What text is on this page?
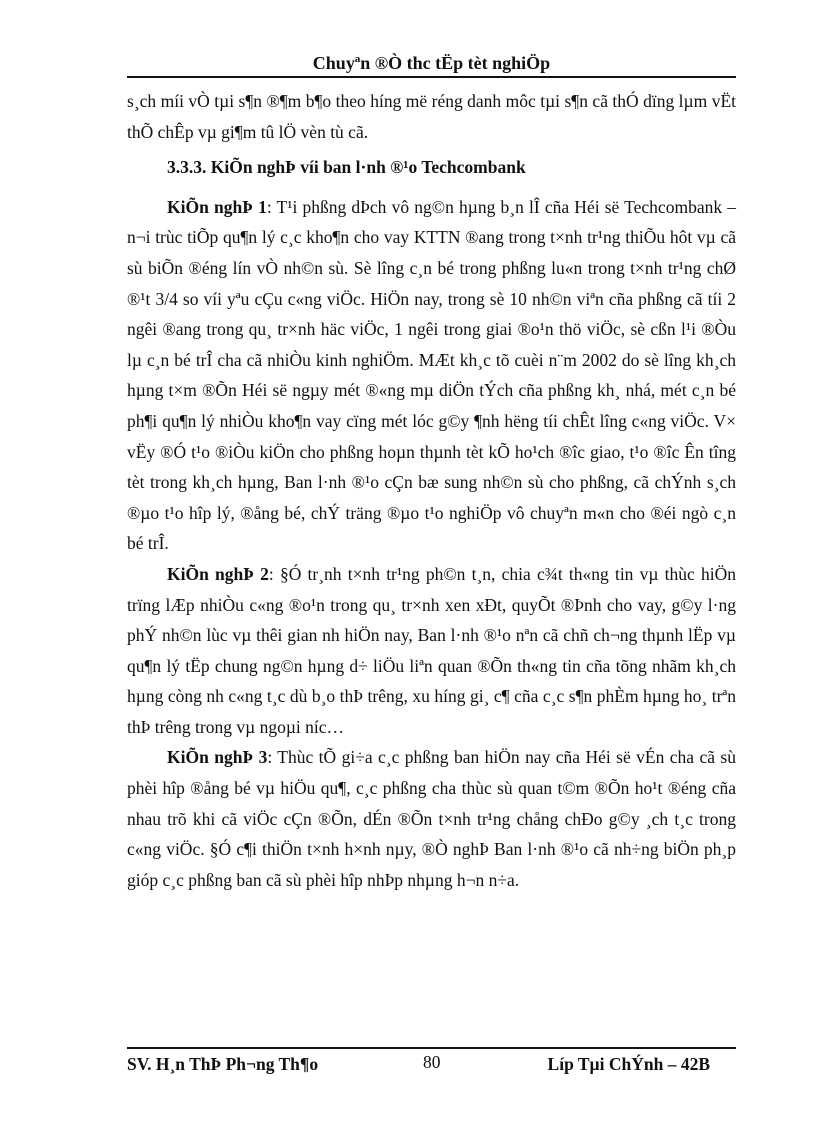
Chuyªn ®Ò thc tËp tèt nghiÖp

s¸ch míi vÒ tµi s¶n ®¶m b¶o theo híng më réng danh môc tµi s¶n cã thÓ dïng lµm vËt thÕ chÊp vµ gi¶m tû lÖ vèn tù cã.

3.3.3. KiÕn nghÞ víi ban l·nh ®¹o Techcombank

KiÕn nghÞ 1: T¹i phßng dÞch vô ng©n hµng b¸n lÎ cña Héi së Techcombank – n¬i trùc tiÕp qu¶n lý c¸c kho¶n cho vay KTTN ®ang trong t×nh tr¹ng thiÕu hôt vµ cã sù biÕn ®éng lín vÒ nh©n sù. Sè lîng c¸n bé trong phßng lu«n trong t×nh tr¹ng chØ ®¹t 3/4 so víi yªu cÇu c«ng viÖc. HiÖn nay, trong sè 10 nh©n viªn cña phßng cã tíi 2 ngêi ®ang trong qu¸ tr×nh häc viÖc, 1 ngêi trong giai ®o¹n thö viÖc, sè cßn l¹i ®Òu lµ c¸n bé trÎ cha cã nhiÒu kinh nghiÖm. MÆt kh¸c tõ cuèi n¨m 2002 do sè lîng kh¸ch hµng t×m ®Õn Héi së ngµy mét ®«ng mµ diÖn tÝch cña phßng kh¸ nhá, mét c¸n bé ph¶i qu¶n lý nhiÒu kho¶n vay cïng mét lóc g©y ¶nh hëng tíi chÊt lîng c«ng viÖc. V× vËy ®Ó t¹o ®iÒu kiÖn cho phßng hoµn thµnh tèt kÕ ho¹ch ®îc giao, t¹o ®îc Ên tîng tèt trong kh¸ch hµng, Ban l·nh ®¹o cÇn bæ sung nh©n sù cho phßng, cã chÝnh s¸ch ®µo t¹o hîp lý, ®ång bé, chÝ träng ®µo t¹o nghiÖp vô chuyªn m«n cho ®éi ngò c¸n bé trÎ.

KiÕn nghÞ 2: §Ó tr¸nh t×nh tr¹ng ph©n t¸n, chia c¾t th«ng tin vµ thùc hiÖn trïng lÆp nhiÒu c«ng ®o¹n trong qu¸ tr×nh xen xÐt, quyÕt ®Þnh cho vay, g©y l·ng phÝ nh©n lùc vµ thêi gian nh hiÖn nay, Ban l·nh ®¹o nªn cã chñ ch¬ng thµnh lËp vµ qu¶n lý tËp chung ng©n hµng d÷ liÖu liªn quan ®Õn th«ng tin cña tõng nhãm kh¸ch hµng còng nh c«ng t¸c dù b¸o thÞ trêng, xu híng gi¸ c¶ cña c¸c s¶n phÈm hµng ho¸ trªn thÞ trêng trong vµ ngoµi níc…

KiÕn nghÞ 3: Thùc tÕ gi÷a c¸c phßng ban hiÖn nay cña Héi së vÉn cha cã sù phèi hîp ®ång bé vµ hiÖu qu¶, c¸c phßng cha thùc sù quan t©m ®Õn ho¹t ®éng cña nhau trõ khi cã viÖc cÇn ®Õn, dÉn ®Õn t×nh tr¹ng chång chÐo g©y ¸ch t¸c trong c«ng viÖc. §Ó c¶i thiÖn t×nh h×nh nµy, ®Ò nghÞ Ban l·nh ®¹o cã nh÷ng biÖn ph¸p gióp c¸c phßng ban cã sù phèi hîp nhÞp nhµng h¬n n÷a.

SV. H¸n ThÞ Ph¬ng Th¶o	80	Líp Tµi ChÝnh – 42B
